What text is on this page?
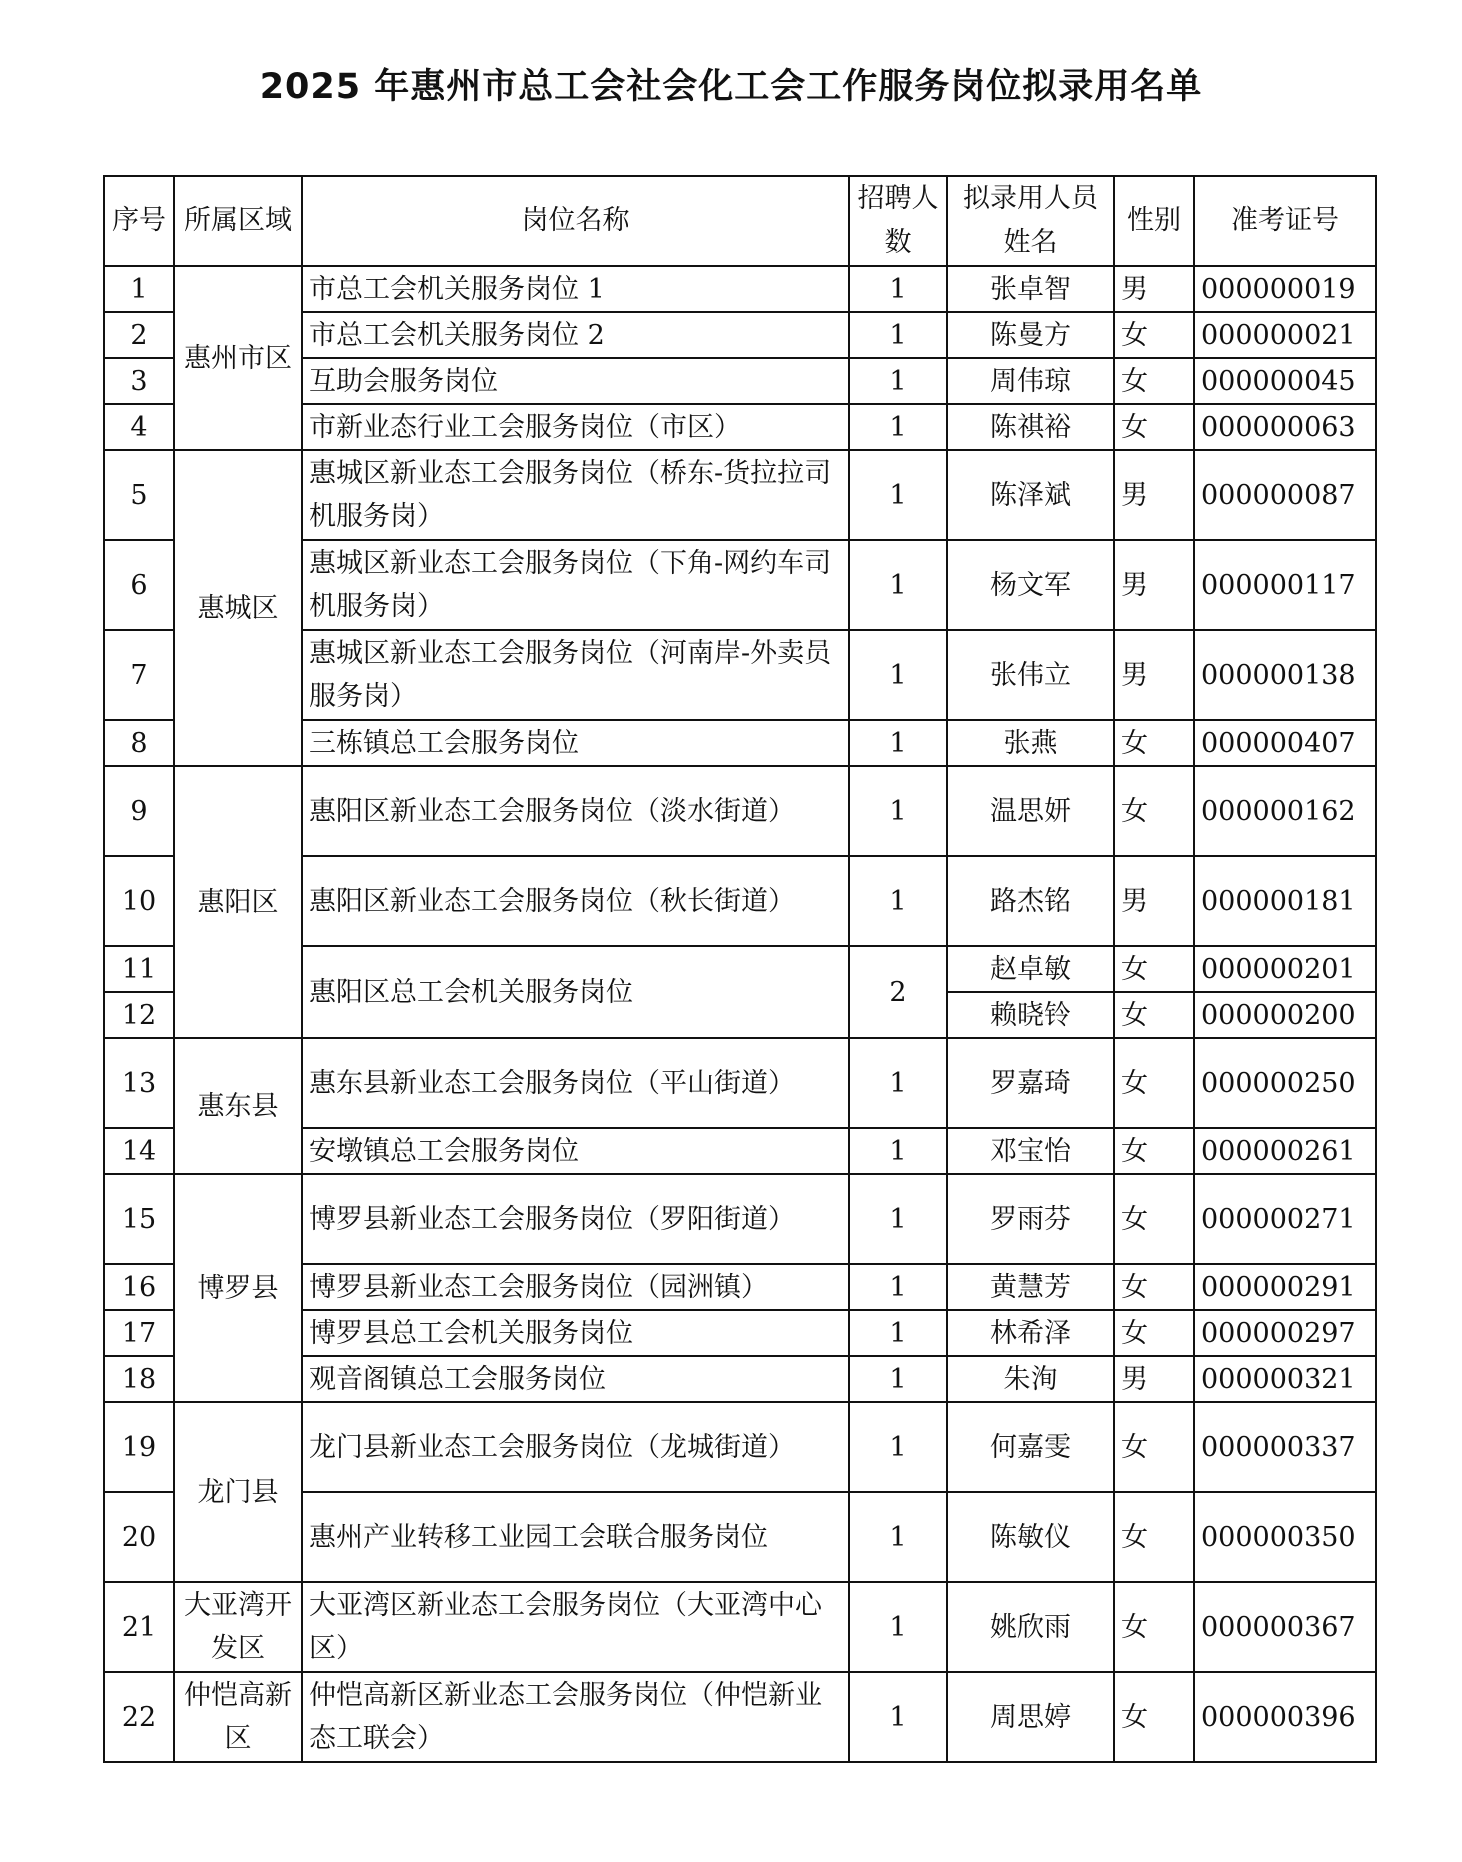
2025 年惠州市总工会社会化工会工作服务岗位拟录用名单
序号	所属区域	岗位名称	招聘人数	拟录用人员姓名	性别	准考证号
1	惠州市区	市总工会机关服务岗位 1	1	张卓智	男	000000019
2		市总工会机关服务岗位 2	1	陈曼方	女	000000021
3		互助会服务岗位	1	周伟琼	女	000000045
4		市新业态行业工会服务岗位（市区）	1	陈祺裕	女	000000063
5	惠城区	惠城区新业态工会服务岗位（桥东-货拉拉司机服务岗）	1	陈泽斌	男	000000087
6		惠城区新业态工会服务岗位（下角-网约车司机服务岗）	1	杨文军	男	000000117
7		惠城区新业态工会服务岗位（河南岸-外卖员服务岗）	1	张伟立	男	000000138
8		三栋镇总工会服务岗位	1	张燕	女	000000407
9	惠阳区	惠阳区新业态工会服务岗位（淡水街道）	1	温思妍	女	000000162
10		惠阳区新业态工会服务岗位（秋长街道）	1	路杰铭	男	000000181
11		惠阳区总工会机关服务岗位	2	赵卓敏	女	000000201
12				赖晓铃	女	000000200
13	惠东县	惠东县新业态工会服务岗位（平山街道）	1	罗嘉琦	女	000000250
14		安墩镇总工会服务岗位	1	邓宝怡	女	000000261
15	博罗县	博罗县新业态工会服务岗位（罗阳街道）	1	罗雨芬	女	000000271
16		博罗县新业态工会服务岗位（园洲镇）	1	黄慧芳	女	000000291
17		博罗县总工会机关服务岗位	1	林希泽	女	000000297
18		观音阁镇总工会服务岗位	1	朱洵	男	000000321
19	龙门县	龙门县新业态工会服务岗位（龙城街道）	1	何嘉雯	女	000000337
20		惠州产业转移工业园工会联合服务岗位	1	陈敏仪	女	000000350
21	大亚湾开发区	大亚湾区新业态工会服务岗位（大亚湾中心区）	1	姚欣雨	女	000000367
22	仲恺高新区	仲恺高新区新业态工会服务岗位（仲恺新业态工联会）	1	周思婷	女	000000396
